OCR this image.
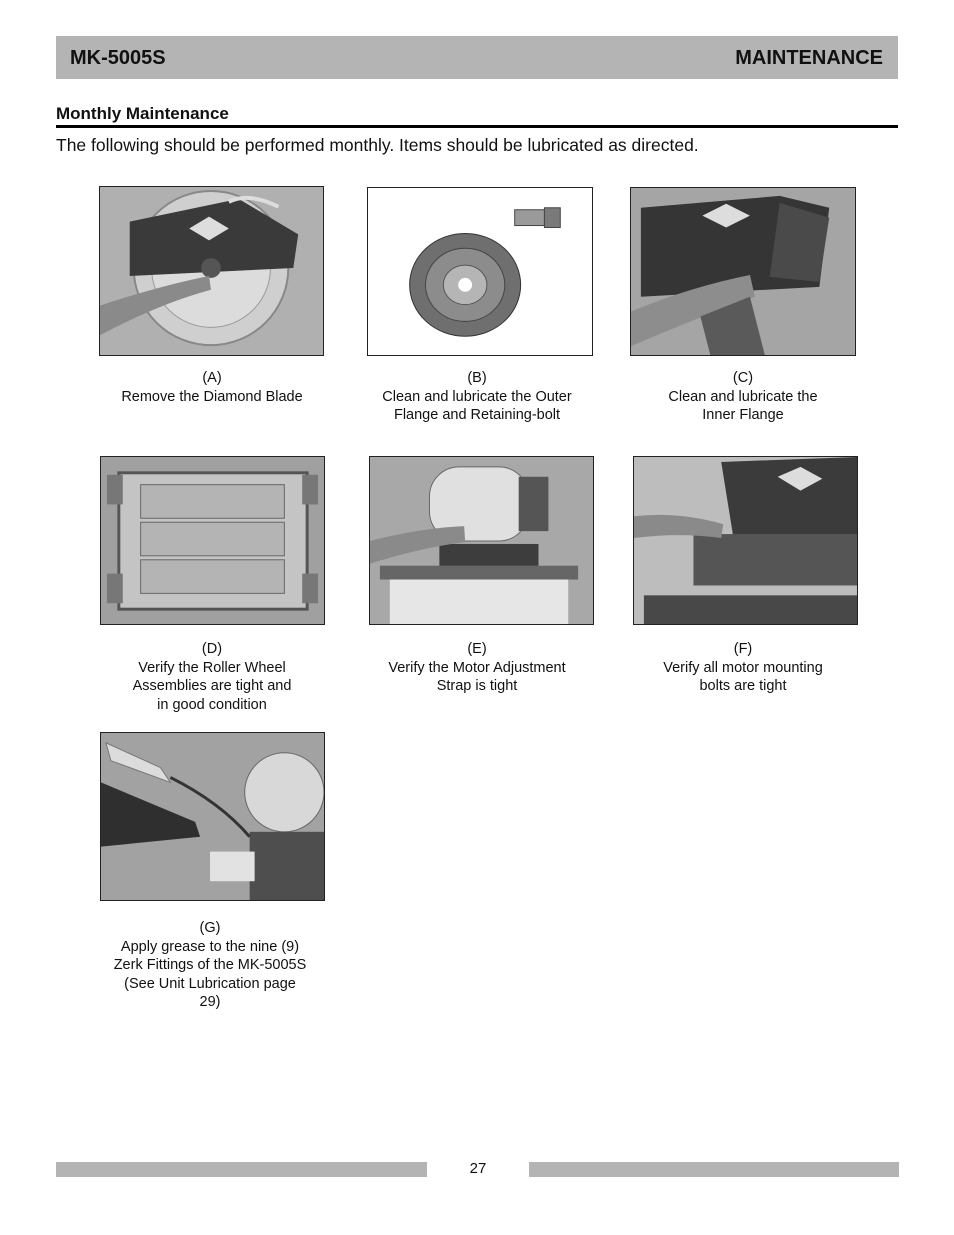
MK-5005S	MAINTENANCE
Monthly Maintenance
The following should be performed monthly. Items should be lubricated as directed.
(A)
Remove the Diamond Blade
(B)
Clean and lubricate the Outer
Flange and Retaining-bolt
(C)
Clean and lubricate the
Inner Flange
(D)
Verify the Roller Wheel
Assemblies are tight and
in good condition
(E)
Verify the Motor Adjustment
Strap is tight
(F)
Verify all motor mounting
bolts are tight
(G)
Apply grease to the nine (9)
Zerk Fittings of the MK-5005S
(See Unit Lubrication page
29)
27
